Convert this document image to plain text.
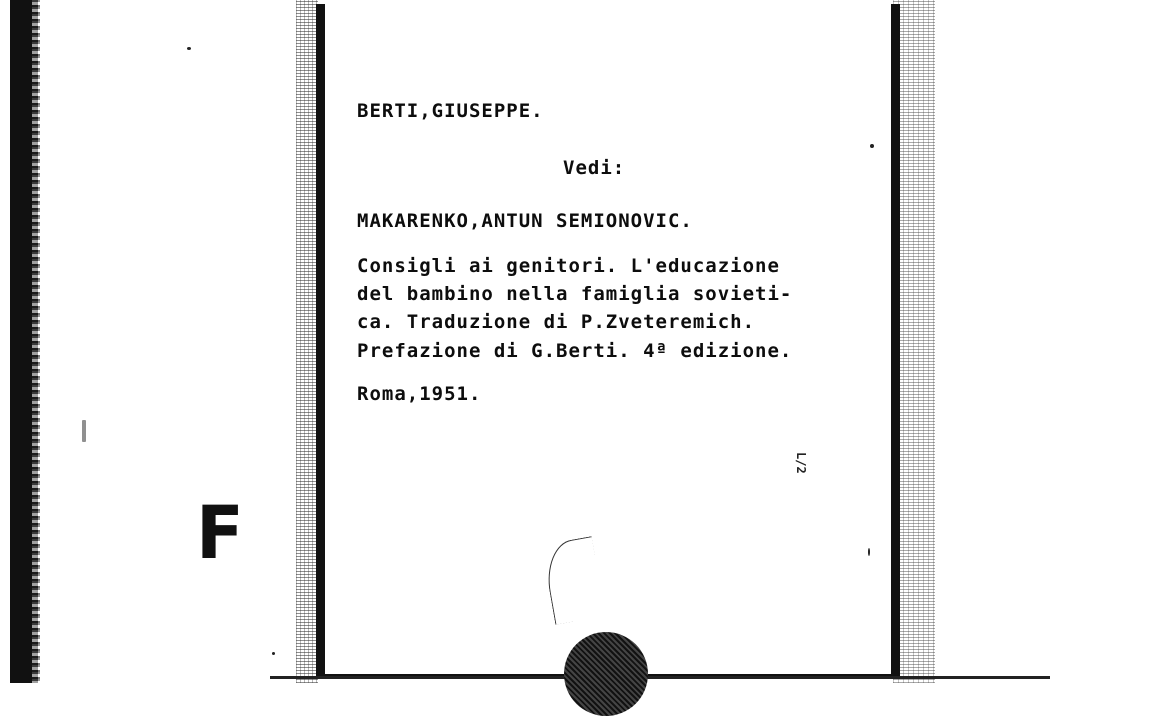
F
BERTI,GIUSEPPE.
Vedi:
MAKARENKO,ANTUN SEMIONOVIC.
Consigli ai genitori. L'educazione
del bambino nella famiglia sovieti-
ca. Traduzione di P.Zveteremich.
Prefazione di G.Berti. 4ª edizione.
Roma,1951.
L/2
